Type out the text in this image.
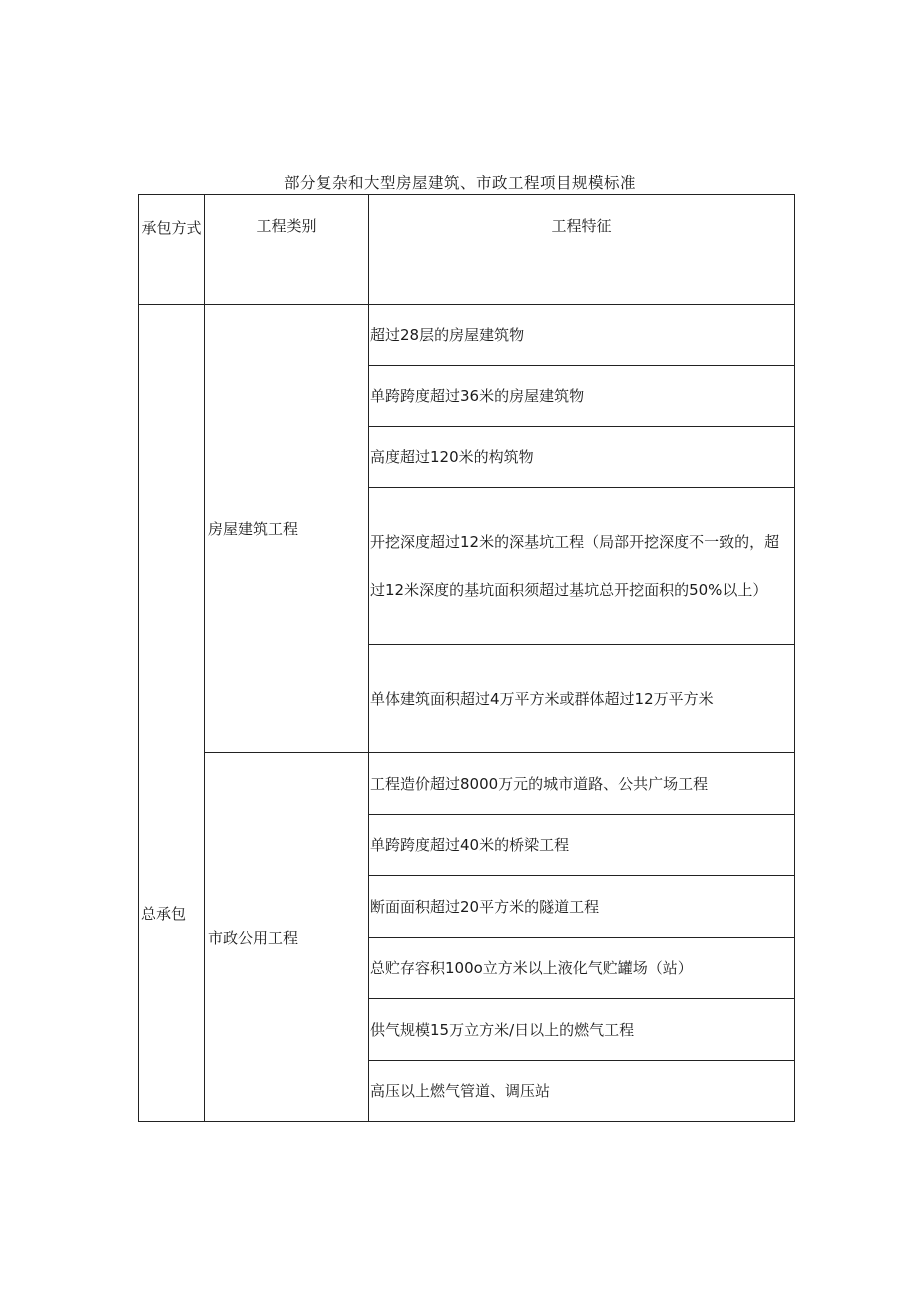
部分复杂和大型房屋建筑、市政工程项目规模标准
承包方式	工程类别	工程特征
总承包	房屋建筑工程	超过28层的房屋建筑物
		单跨跨度超过36米的房屋建筑物
		高度超过120米的构筑物
		开挖深度超过12米的深基坑工程（局部开挖深度不一致的，超过12米深度的基坑面积须超过基坑总开挖面积的50%以上）
		单体建筑面积超过4万平方米或群体超过12万平方米
	市政公用工程	工程造价超过8000万元的城市道路、公共广场工程
		单跨跨度超过40米的桥梁工程
		断面面积超过20平方米的隧道工程
		总贮存容积100o立方米以上液化气贮罐场（站）
		供气规模15万立方米/日以上的燃气工程
		高压以上燃气管道、调压站
